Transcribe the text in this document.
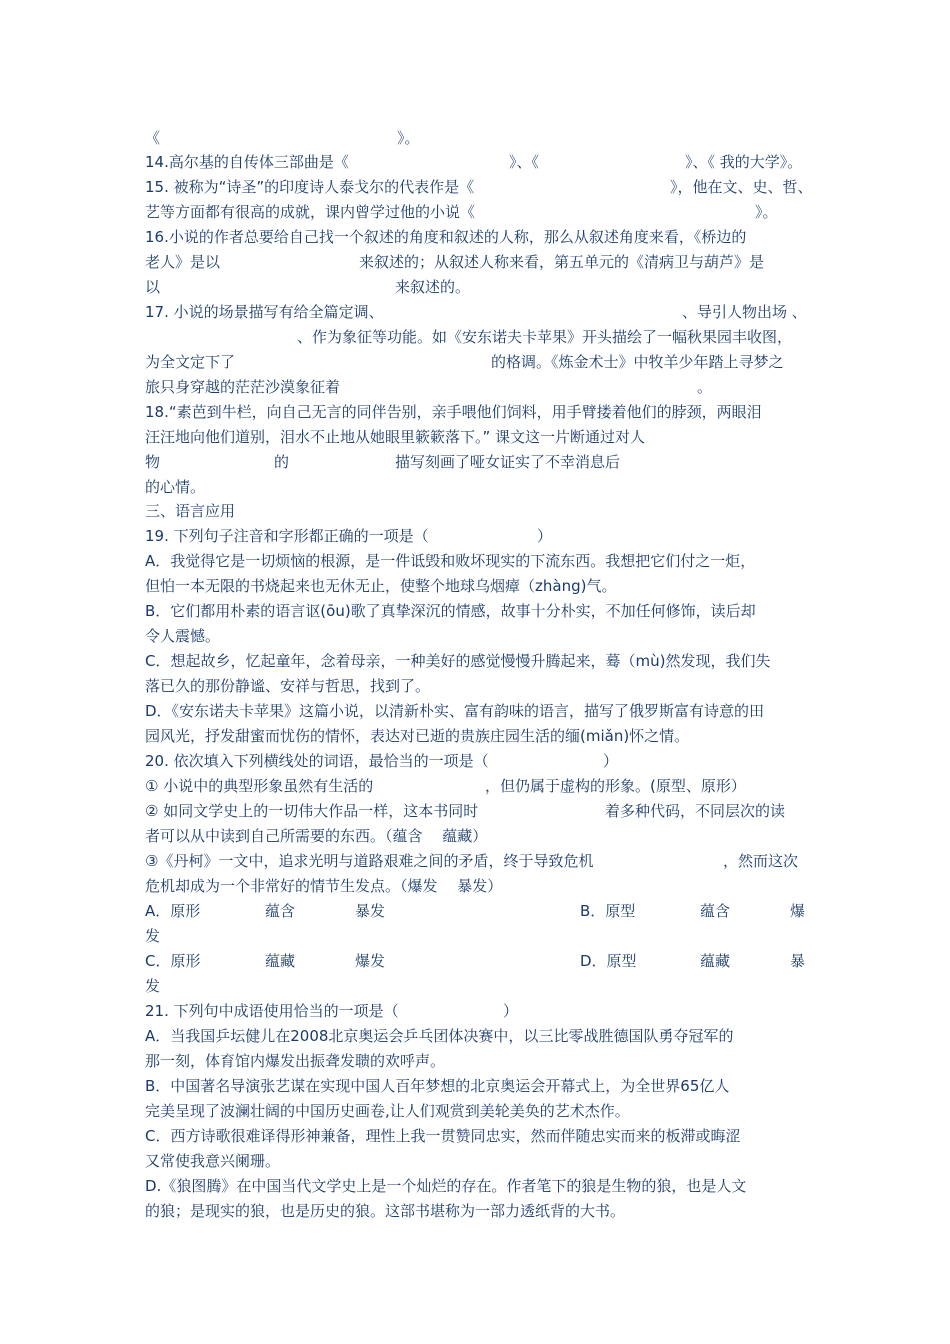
《	》。
14.高尔基的自传体三部曲是《	》、《	》、《 我的大学》。
15. 被称为“诗圣”的印度诗人泰戈尔的代表作是《	》，他在文、史、哲、
艺等方面都有很高的成就，课内曾学过他的小说《	》。
16.小说的作者总要给自己找一个叙述的角度和叙述的人称，那么从叙述角度来看，《桥边的
老人》是以	来叙述的；从叙述人称来看，第五单元的《清病卫与葫芦》是
以	来叙述的。
17. 小说的场景描写有给全篇定调、	、导引人物出场 、
、作为象征等功能。如《安东诺夫卡苹果》开头描绘了一幅秋果园丰收图，
为全文定下了	的格调。《炼金术士》中牧羊少年踏上寻梦之
旅只身穿越的茫茫沙漠象征着	。
18.“素芭到牛栏，向自己无言的同伴告别，亲手喂他们饲料，用手臂搂着他们的脖颈，两眼泪
汪汪地向他们道别，泪水不止地从她眼里簌簌落下。” 课文这一片断通过对人
物	的	描写刻画了哑女证实了不幸消息后
的心情。
三、语言应用
19. 下列句子注音和字形都正确的一项是（	）
A．我觉得它是一切烦恼的根源，是一件诋毁和败坏现实的下流东西。我想把它们付之一炬，
但怕一本无限的书烧起来也无休无止，使整个地球乌烟瘴（zhàng)气。
B．它们都用朴素的语言讴(ōu)歌了真挚深沉的情感，故事十分朴实，不加任何修饰，读后却
令人震憾。
C．想起故乡，忆起童年，念着母亲，一种美好的感觉慢慢升腾起来，蓦（mù)然发现，我们失
落已久的那份静谧、安祥与哲思，找到了。
D．《安东诺夫卡苹果》这篇小说，以清新朴实、富有韵味的语言，描写了俄罗斯富有诗意的田
园风光，抒发甜蜜而忧伤的情怀，表达对已逝的贵族庄园生活的缅(miǎn)怀之情。
20. 依次填入下列横线处的词语，最恰当的一项是（	）
① 小说中的典型形象虽然有生活的	，但仍属于虚构的形象。(原型、原形）
② 如同文学史上的一切伟大作品一样，这本书同时	着多种代码，不同层次的读
者可以从中读到自己所需要的东西。（蕴含　 蕴藏）
③《丹柯》一文中，追求光明与道路艰难之间的矛盾，终于导致危机	，然而这次
危机却成为一个非常好的情节生发点。（爆发　 暴发）
A．原形	蕴含	暴发	B．原型	蕴含	爆
发
C．原形	蕴藏	爆发	D．原型	蕴藏	暴
发
21. 下列句中成语使用恰当的一项是（	）
A．当我国乒坛健儿在2008北京奥运会乒乓团体决赛中，以三比零战胜德国队勇夺冠军的
那一刻，体育馆内爆发出振聋发聩的欢呼声。
B．中国著名导演张艺谋在实现中国人百年梦想的北京奥运会开幕式上，为全世界65亿人
完美呈现了波澜壮阔的中国历史画卷,让人们观赏到美轮美奂的艺术杰作。
C．西方诗歌很难译得形神兼备，理性上我一贯赞同忠实，然而伴随忠实而来的板滞或晦涩
又常使我意兴阑珊。
D.《狼图腾》在中国当代文学史上是一个灿烂的存在。作者笔下的狼是生物的狼，也是人文
的狼；是现实的狼，也是历史的狼。这部书堪称为一部力透纸背的大书。
